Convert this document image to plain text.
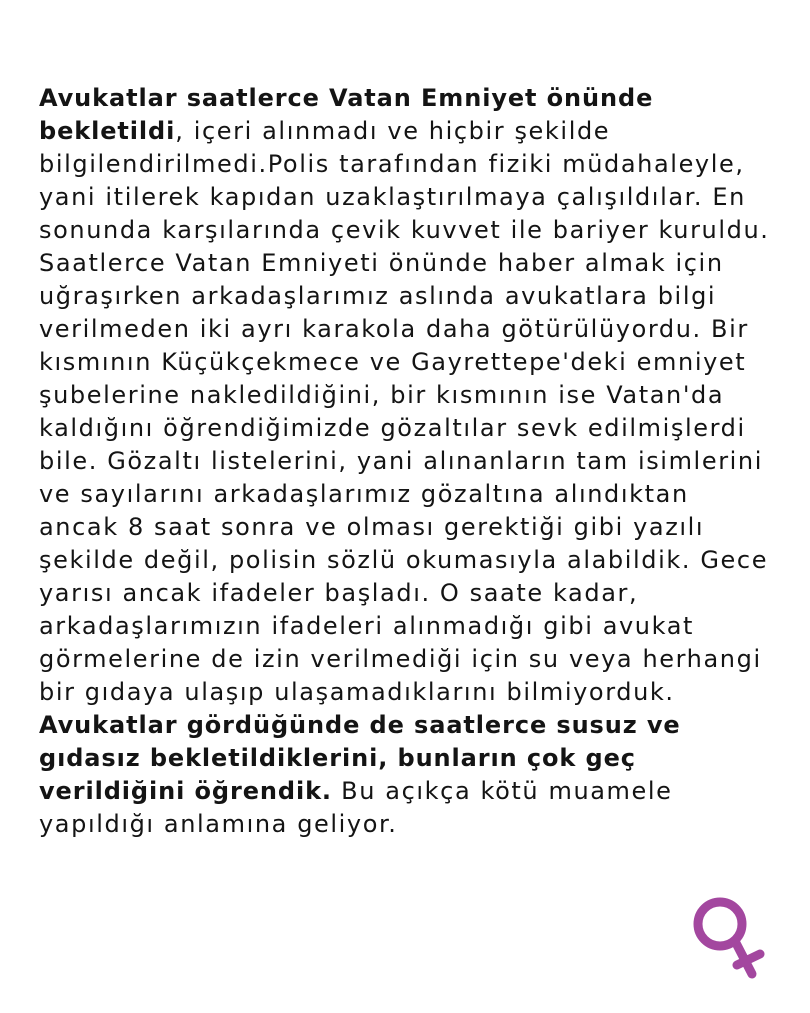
Avukatlar saatlerce Vatan Emniyet önünde bekletildi, içeri alınmadı ve hiçbir şekilde bilgilendirilmedi.Polis tarafından fiziki müdahaleyle, yani itilerek kapıdan uzaklaştırılmaya çalışıldılar. En sonunda karşılarında çevik kuvvet ile bariyer kuruldu. Saatlerce Vatan Emniyeti önünde haber almak için uğraşırken arkadaşlarımız aslında avukatlara bilgi verilmeden iki ayrı karakola daha götürülüyordu. Bir kısmının Küçükçekmece ve Gayrettepe'deki emniyet şubelerine nakledildiğini, bir kısmının ise Vatan'da kaldığını öğrendiğimizde gözaltılar sevk edilmişlerdi bile. Gözaltı listelerini, yani alınanların tam isimlerini ve sayılarını arkadaşlarımız gözaltına alındıktan ancak 8 saat sonra ve olması gerektiği gibi yazılı şekilde değil, polisin sözlü okumasıyla alabildik. Gece yarısı ancak ifadeler başladı. O saate kadar, arkadaşlarımızın ifadeleri alınmadığı gibi avukat görmelerine de izin verilmediği için su veya herhangi bir gıdaya ulaşıp ulaşamadıklarını bilmiyorduk. Avukatlar gördüğünde de saatlerce susuz ve gıdasız bekletildiklerini, bunların çok geç verildiğini öğrendik. Bu açıkça kötü muamele yapıldığı anlamına geliyor.
